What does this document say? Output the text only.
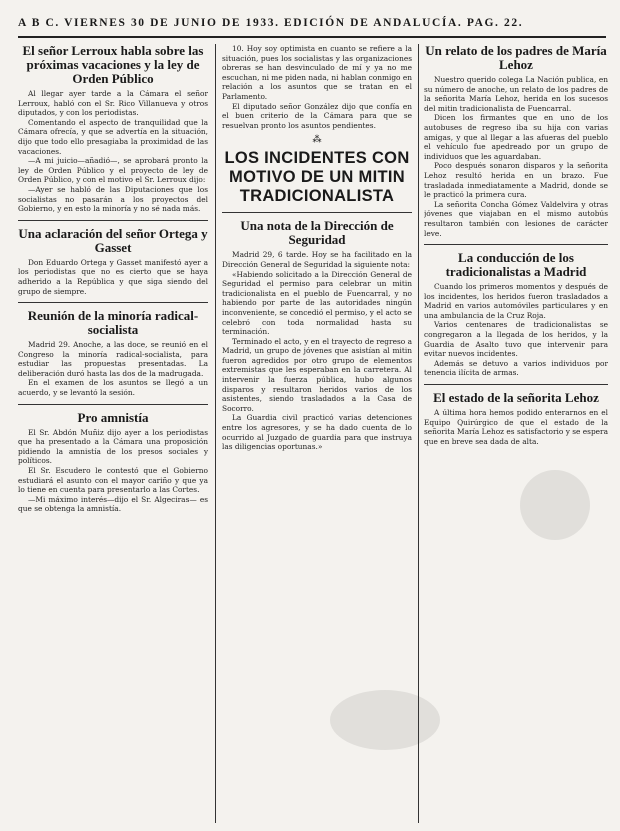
A B C. VIERNES 30 DE JUNIO DE 1933. EDICIÓN DE ANDALUCÍA. PAG. 22.
El señor Lerroux habla sobre las próximas vacaciones y la ley de Orden Público

Al llegar ayer tarde a la Cámara el señor Lerroux, habló con el Sr. Rico Villanueva y otros diputados, y con los periodistas.

Comentando el aspecto de tranquilidad que la Cámara ofrecía, y que se advertía en la situación, dijo que todo ello presagiaba la proximidad de las vacaciones.

—A mi juicio—añadió—, se aprobará pronto la ley de Orden Público y el proyecto de ley de Orden Público, y con el motivo el Sr. Lerroux dijo:

—Ayer se habló de las Diputaciones que los socialistas no pasarán a los proyectos del Gobierno, y en esto la minoría y no sé nada más.

Una aclaración del señor Ortega y Gasset

Don Eduardo Ortega y Gasset manifestó ayer a los periodistas que no es cierto que se haya adherido a la República y que siga siendo del grupo de siempre.

Reunión de la minoría radical-socialista

Madrid 29. Anoche, a las doce, se reunió en el Congreso la minoría radical-socialista, para estudiar las propuestas presentadas. La deliberación duró hasta las dos de la madrugada.

En el examen de los asuntos se llegó a un acuerdo, y se levantó la sesión.

Pro amnistía

El Sr. Abdón Muñiz dijo ayer a los periodistas que ha presentado a la Cámara una proposición pidiendo la amnistía de los presos sociales y políticos.

El Sr. Escudero le contestó que el Gobierno estudiará el asunto con el mayor cariño y que ya lo tiene en cuenta para presentarlo a las Cortes.

—Mi máximo interés—dijo el Sr. Algeciras— es que se obtenga la amnistía.

10. Hoy soy optimista en cuanto se refiere a la situación, pues los socialistas y las organizaciones obreras se han desvinculado de mí y ya no me escuchan, ni me piden nada, ni hablan conmigo en relación a los asuntos que se tratan en el Parlamento.

El diputado señor González dijo que confía en el buen criterio de la Cámara para que se resuelvan pronto los asuntos pendientes.

⁂
LOS INCIDENTES CON MOTIVO DE UN MITIN TRADICIONALISTA
Una nota de la Dirección de Seguridad

Madrid 29, 6 tarde. Hoy se ha facilitado en la Dirección General de Seguridad la siguiente nota:

«Habiendo solicitado a la Dirección General de Seguridad el permiso para celebrar un mitin tradicionalista en el pueblo de Fuencarral, y no habiendo por parte de las autoridades ningún inconveniente, se concedió el permiso, y el acto se celebró con toda normalidad hasta su terminación.

Terminado el acto, y en el trayecto de regreso a Madrid, un grupo de jóvenes que asistían al mitin fueron agredidos por otro grupo de elementos extremistas que les esperaban en la carretera. Al intervenir la fuerza pública, hubo algunos disparos y resultaron heridos varios de los asistentes, siendo trasladados a la Casa de Socorro.

La Guardia civil practicó varias detenciones entre los agresores, y se ha dado cuenta de lo ocurrido al Juzgado de guardia para que instruya las diligencias oportunas.»

Un relato de los padres de María Lehoz

Nuestro querido colega La Nación publica, en su número de anoche, un relato de los padres de la señorita María Lehoz, herida en los sucesos del mitin tradicionalista de Fuencarral.

Dicen los firmantes que en uno de los autobuses de regreso iba su hija con varias amigas, y que al llegar a las afueras del pueblo el vehículo fue apedreado por un grupo de individuos que les aguardaban.

Poco después sonaron disparos y la señorita Lehoz resultó herida en un brazo. Fue trasladada inmediatamente a Madrid, donde se le practicó la primera cura.

La señorita Concha Gómez Valdelvira y otras jóvenes que viajaban en el mismo autobús resultaron también con lesiones de carácter leve.

La conducción de los tradicionalistas a Madrid

Cuando los primeros momentos y después de los incidentes, los heridos fueron trasladados a Madrid en varios automóviles particulares y en una ambulancia de la Cruz Roja.

Varios centenares de tradicionalistas se congregaron a la llegada de los heridos, y la Guardia de Asalto tuvo que intervenir para evitar nuevos incidentes.

Además se detuvo a varios individuos por tenencia ilícita de armas.

El estado de la señorita Lehoz

A última hora hemos podido enterarnos en el Equipo Quirúrgico de que el estado de la señorita María Lehoz es satisfactorio y se espera que en breve sea dada de alta.
